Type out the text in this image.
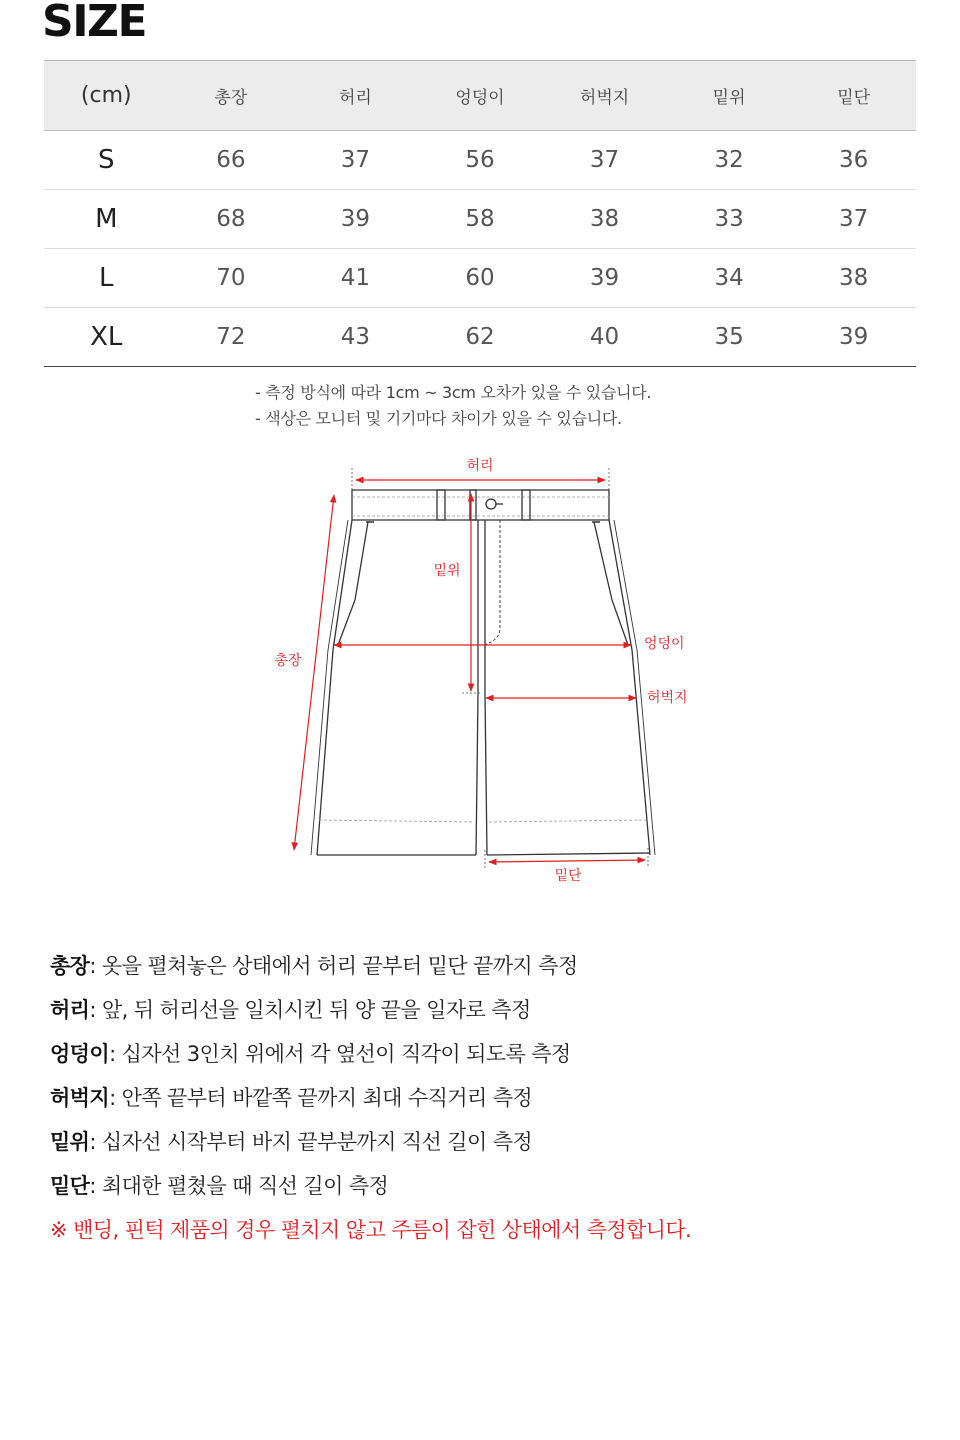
SIZE
(cm)	총장	허리	엉덩이	허벅지	밑위	밑단
S	66	37	56	37	32	36
M	68	39	58	38	33	37
L	70	41	60	39	34	38
XL	72	43	62	40	35	39
- 측정 방식에 따라 1cm ~ 3cm 오차가 있을 수 있습니다.
- 색상은 모니터 및 기기마다 차이가 있을 수 있습니다.
허리
밑위
엉덩이
허벅지
총장
밑단
총장: 옷을 펼쳐놓은 상태에서 허리 끝부터 밑단 끝까지 측정
허리: 앞, 뒤 허리선을 일치시킨 뒤 양 끝을 일자로 측정
엉덩이: 십자선 3인치 위에서 각 옆선이 직각이 되도록 측정
허벅지: 안쪽 끝부터 바깥쪽 끝까지 최대 수직거리 측정
밑위: 십자선 시작부터 바지 끝부분까지 직선 길이 측정
밑단: 최대한 펼쳤을 때 직선 길이 측정
※ 밴딩, 핀턱 제품의 경우 펼치지 않고 주름이 잡힌 상태에서 측정합니다.
